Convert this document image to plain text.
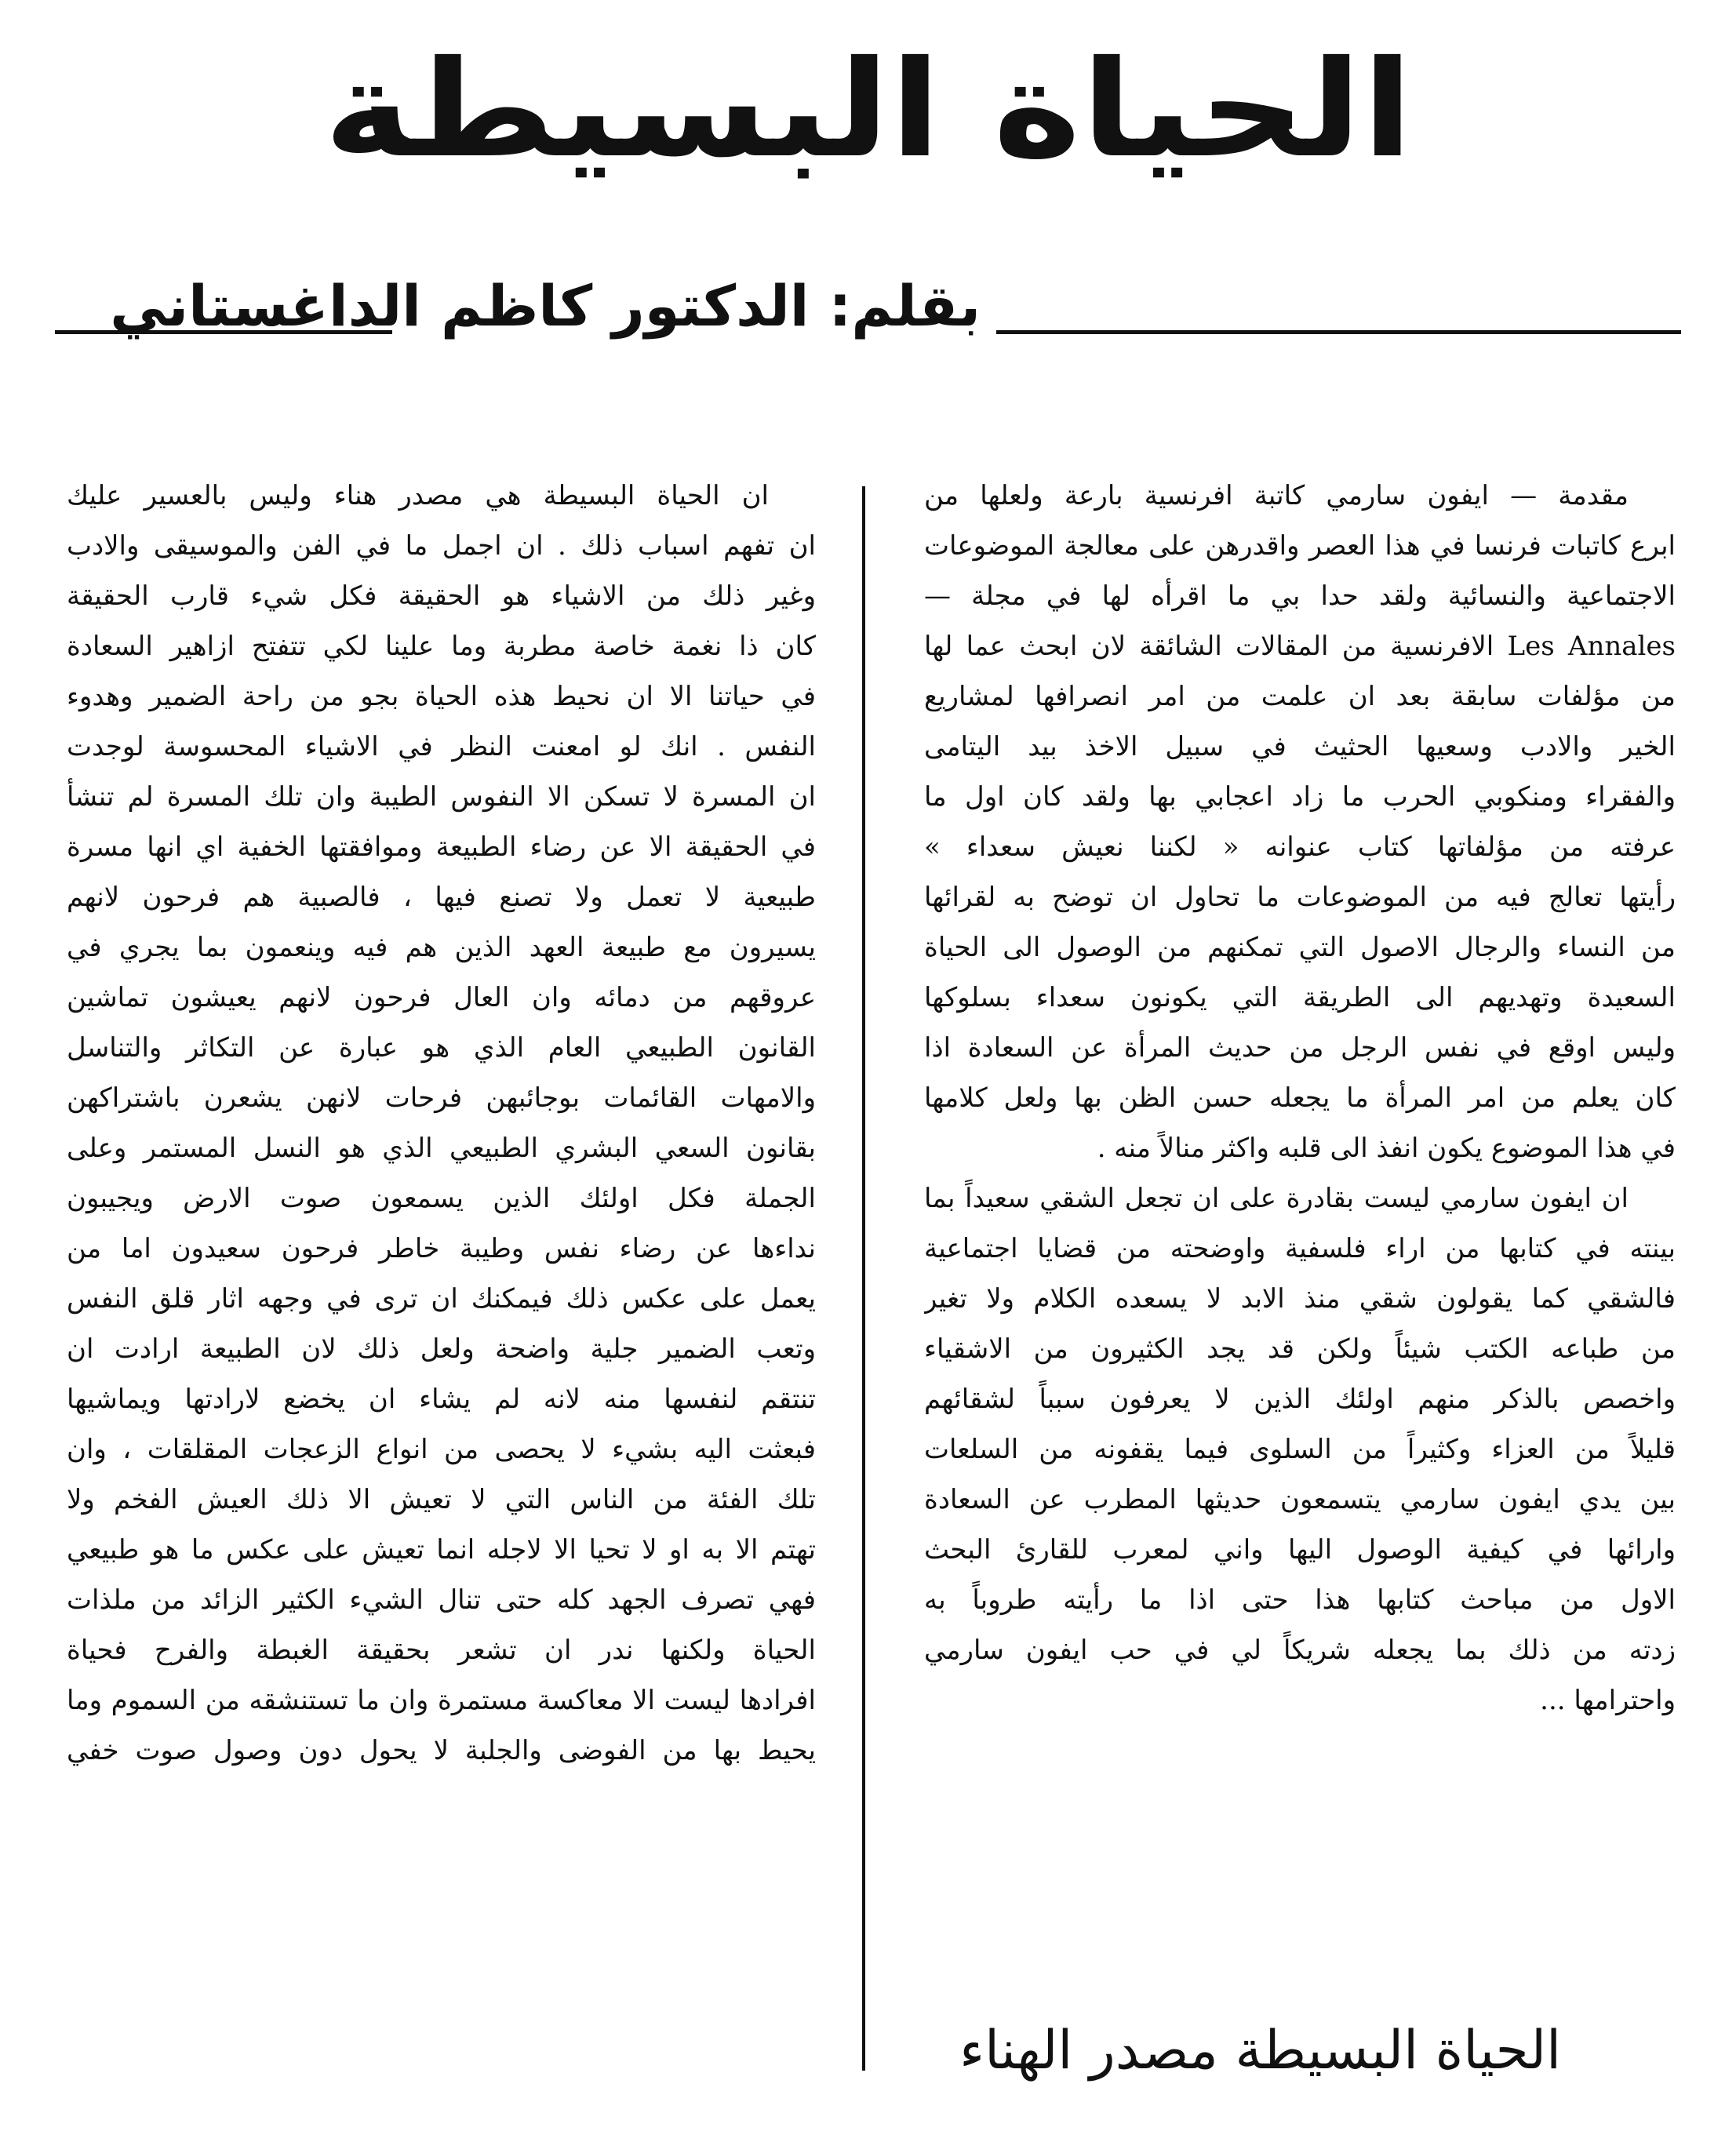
الحياة البسيطة
بقلم: الدكتور كاظم الداغستاني
مقدمة — ايفون سارمي كاتبة افرنسية بارعة ولعلها من
ابرع كاتبات فرنسا في هذا العصر واقدرهن على معالجة الموضوعات
الاجتماعية والنسائية ولقد حدا بي ما اقرأه لها في مجلة —
Les Annales الافرنسية من المقالات الشائقة لان ابحث عما لها
من مؤلفات سابقة بعد ان علمت من امر انصرافها لمشاريع
الخير والادب وسعيها الحثيث في سبيل الاخذ بيد اليتامى
والفقراء ومنكوبي الحرب ما زاد اعجابي بها ولقد كان اول ما
عرفته من مؤلفاتها كتاب عنوانه « لكننا نعيش سعداء »
رأيتها تعالج فيه من الموضوعات ما تحاول ان توضح به لقرائها
من النساء والرجال الاصول التي تمكنهم من الوصول الى الحياة
السعيدة وتهديهم الى الطريقة التي يكونون سعداء بسلوكها
وليس اوقع في نفس الرجل من حديث المرأة عن السعادة اذا
كان يعلم من امر المرأة ما يجعله حسن الظن بها ولعل كلامها
في هذا الموضوع يكون انفذ الى قلبه واكثر منالاً منه .
ان ايفون سارمي ليست بقادرة على ان تجعل الشقي سعيداً بما
بينته في كتابها من اراء فلسفية واوضحته من قضايا اجتماعية
فالشقي كما يقولون شقي منذ الابد لا يسعده الكلام ولا تغير
من طباعه الكتب شيئاً ولكن قد يجد الكثيرون من الاشقياء
واخصص بالذكر منهم اولئك الذين لا يعرفون سبباً لشقائهم
قليلاً من العزاء وكثيراً من السلوى فيما يقفونه من السلعات
بين يدي ايفون سارمي يتسمعون حديثها المطرب عن السعادة
وارائها في كيفية الوصول اليها واني لمعرب للقارئ البحث
الاول من مباحث كتابها هذا حتى اذا ما رأيته طروباً به
زدته من ذلك بما يجعله شريكاً لي في حب ايفون سارمي
واحترامها ...
ان الحياة البسيطة هي مصدر هناء وليس بالعسير عليك
ان تفهم اسباب ذلك . ان اجمل ما في الفن والموسيقى والادب
وغير ذلك من الاشياء هو الحقيقة فكل شيء قارب الحقيقة
كان ذا نغمة خاصة مطربة وما علينا لكي تتفتح ازاهير السعادة
في حياتنا الا ان نحيط هذه الحياة بجو من راحة الضمير وهدوء
النفس . انك لو امعنت النظر في الاشياء المحسوسة لوجدت
ان المسرة لا تسكن الا النفوس الطيبة وان تلك المسرة لم تنشأ
في الحقيقة الا عن رضاء الطبيعة وموافقتها الخفية اي انها مسرة
طبيعية لا تعمل ولا تصنع فيها ، فالصبية هم فرحون لانهم
يسيرون مع طبيعة العهد الذين هم فيه وينعمون بما يجري في
عروقهم من دمائه وان العال فرحون لانهم يعيشون تماشين
القانون الطبيعي العام الذي هو عبارة عن التكاثر والتناسل
والامهات القائمات بوجائبهن فرحات لانهن يشعرن باشتراكهن
بقانون السعي البشري الطبيعي الذي هو النسل المستمر وعلى
الجملة فكل اولئك الذين يسمعون صوت الارض ويجيبون
نداءها عن رضاء نفس وطيبة خاطر فرحون سعيدون اما من
يعمل على عكس ذلك فيمكنك ان ترى في وجهه اثار قلق النفس
وتعب الضمير جلية واضحة ولعل ذلك لان الطبيعة ارادت ان
تنتقم لنفسها منه لانه لم يشاء ان يخضع لارادتها ويماشيها
فبعثت اليه بشيء لا يحصى من انواع الزعجات المقلقات ، وان
تلك الفئة من الناس التي لا تعيش الا ذلك العيش الفخم ولا
تهتم الا به او لا تحيا الا لاجله انما تعيش على عكس ما هو طبيعي
فهي تصرف الجهد كله حتى تنال الشيء الكثير الزائد من ملذات
الحياة ولكنها ندر ان تشعر بحقيقة الغبطة والفرح فحياة
افرادها ليست الا معاكسة مستمرة وان ما تستنشقه من السموم وما
يحيط بها من الفوضى والجلبة لا يحول دون وصول صوت خفي
الحياة البسيطة مصدر الهناء
